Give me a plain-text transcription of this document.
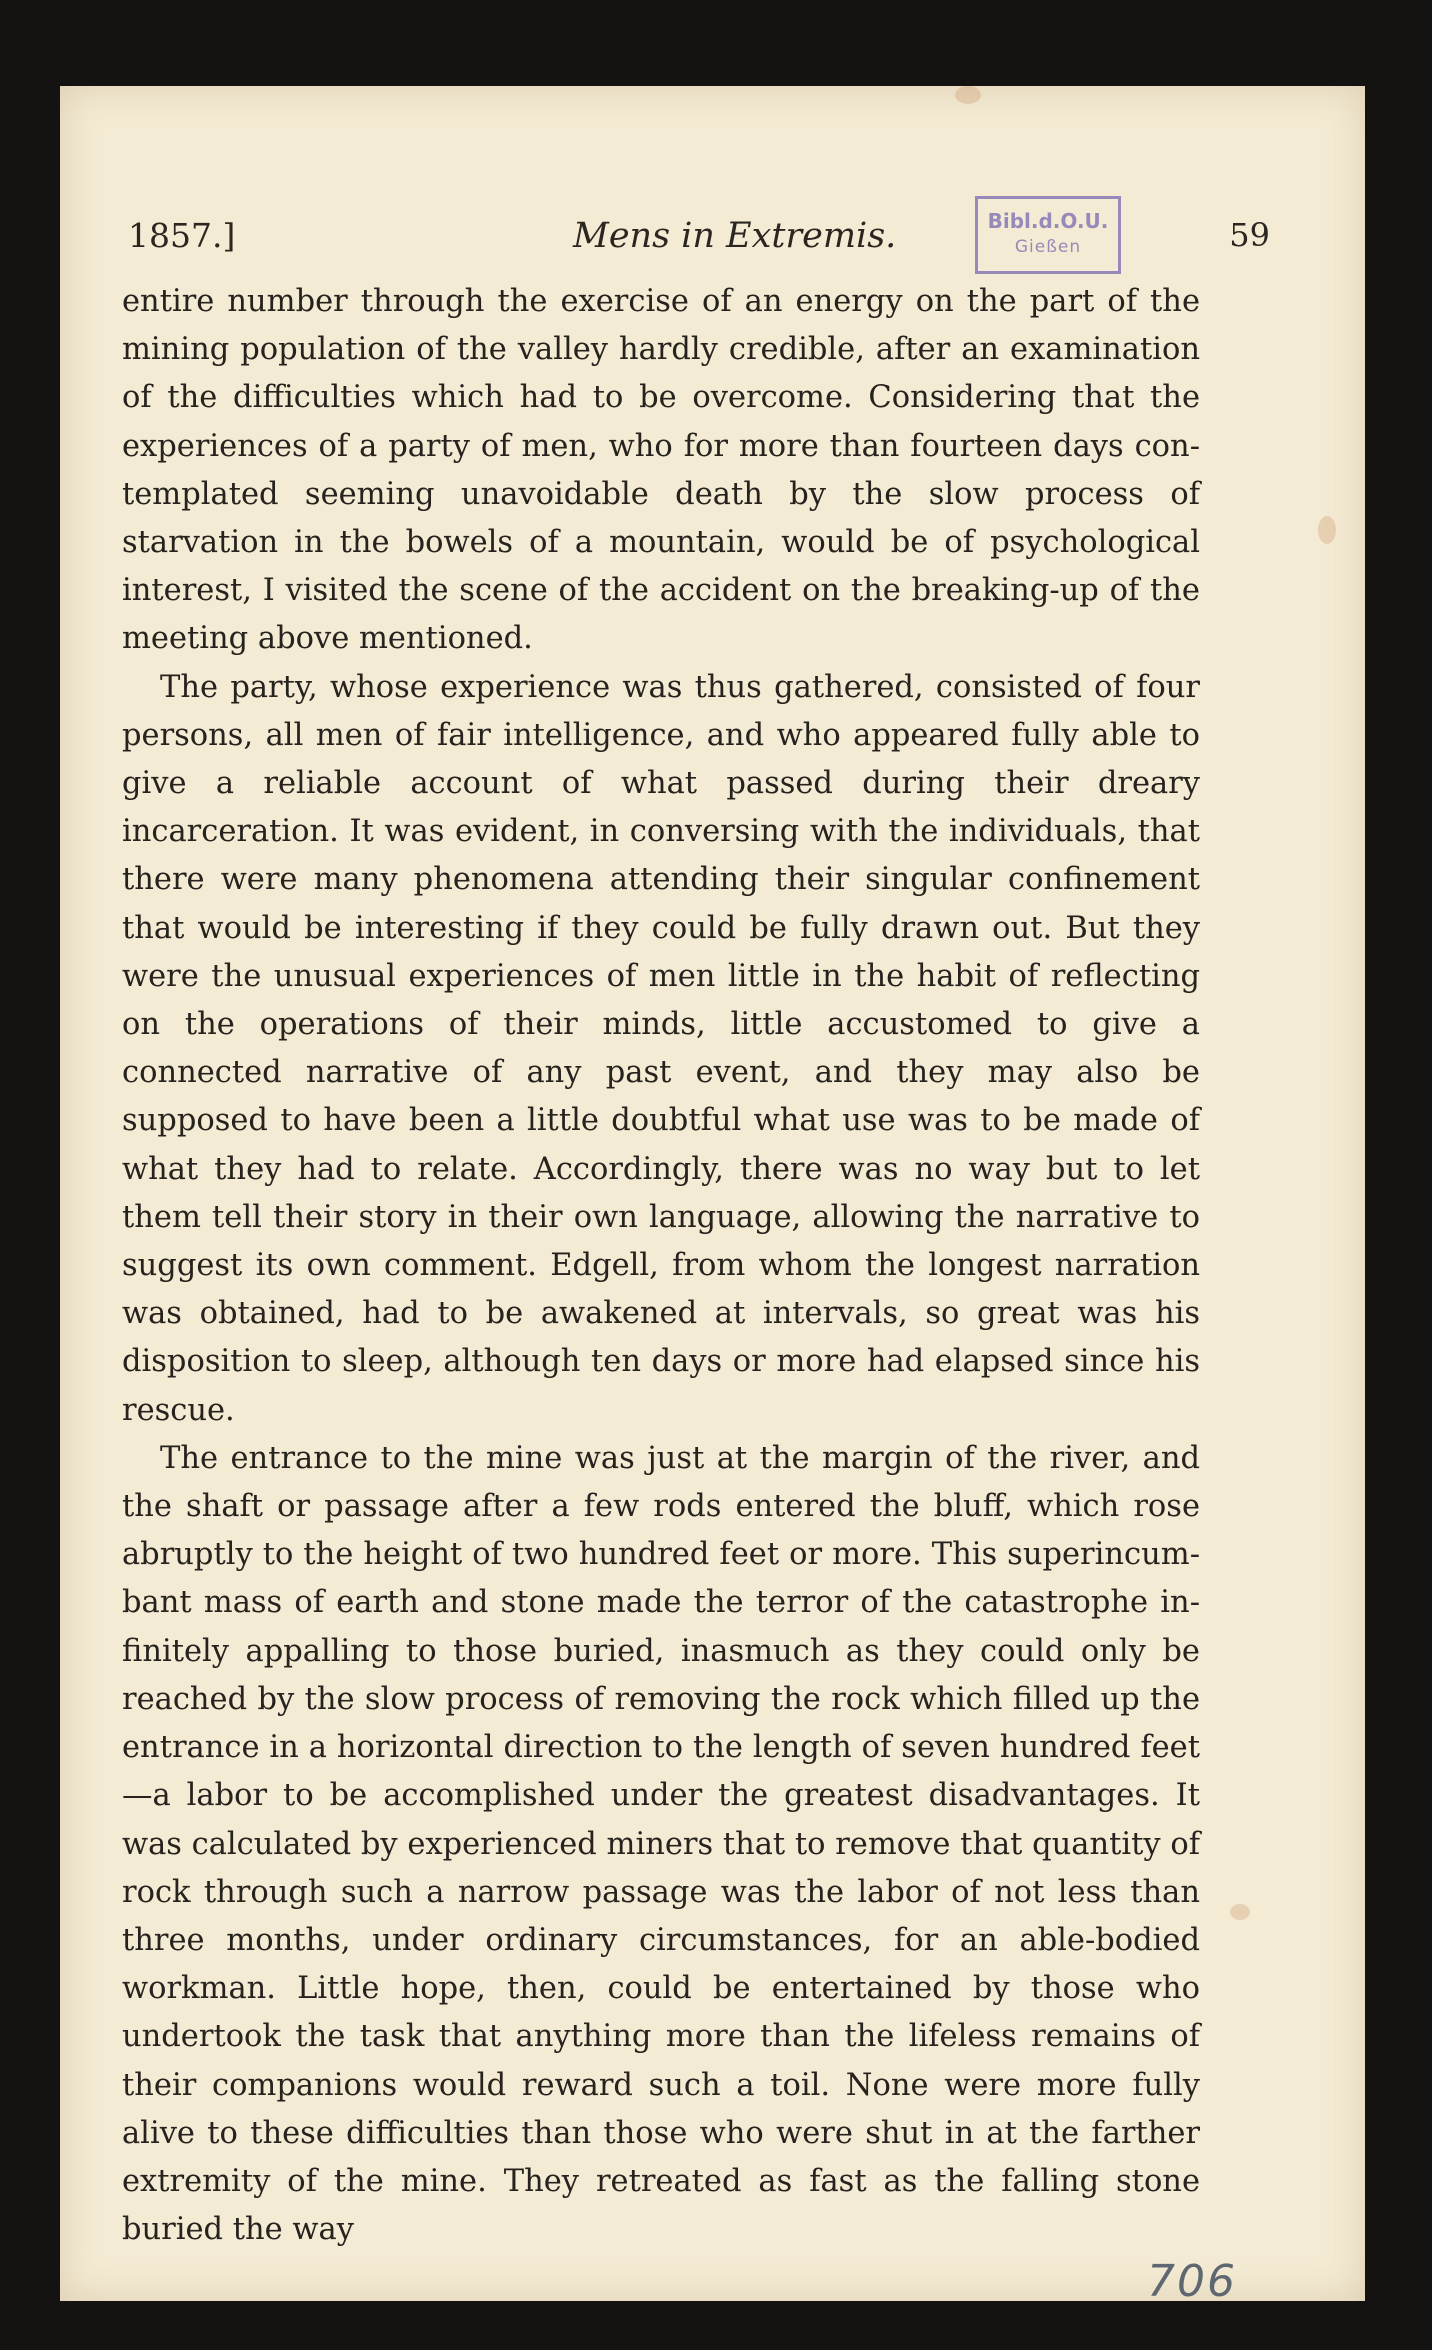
1857.]	Mens in Extremis.	Bibl.d.O.U.
Gießen	59

entire number through the exercise of an energy on the part of the mining population of the valley hardly credible, after an examination of the difficulties which had to be overcome. Considering that the experiences of a party of men, who for more than fourteen days contemplated seeming unavoidable death by the slow process of starvation in the bowels of a mountain, would be of psychological interest, I visited the scene of the accident on the breaking-up of the meeting above mentioned.

The party, whose experience was thus gathered, consisted of four persons, all men of fair intelligence, and who appeared fully able to give a reliable account of what passed during their dreary incarceration. It was evident, in conversing with the individuals, that there were many phenomena attending their singular confinement that would be interesting if they could be fully drawn out. But they were the unusual experiences of men little in the habit of reflecting on the operations of their minds, little accustomed to give a connected narrative of any past event, and they may also be supposed to have been a little doubtful what use was to be made of what they had to relate. Accordingly, there was no way but to let them tell their story in their own language, allowing the narrative to suggest its own comment. Edgell, from whom the longest narration was obtained, had to be awakened at intervals, so great was his disposition to sleep, although ten days or more had elapsed since his rescue.

The entrance to the mine was just at the margin of the river, and the shaft or passage after a few rods entered the bluff, which rose abruptly to the height of two hundred feet or more. This superincumbant mass of earth and stone made the terror of the catastrophe infinitely appalling to those buried, inasmuch as they could only be reached by the slow process of removing the rock which filled up the entrance in a horizontal direction to the length of seven hundred feet—a labor to be accomplished under the greatest disadvantages. It was calculated by experienced miners that to remove that quantity of rock through such a narrow passage was the labor of not less than three months, under ordinary circumstances, for an able-bodied workman. Little hope, then, could be entertained by those who undertook the task that anything more than the lifeless remains of their companions would reward such a toil. None were more fully alive to these difficulties than those who were shut in at the farther extremity of the mine. They retreated as fast as the falling stone buried the way

706
